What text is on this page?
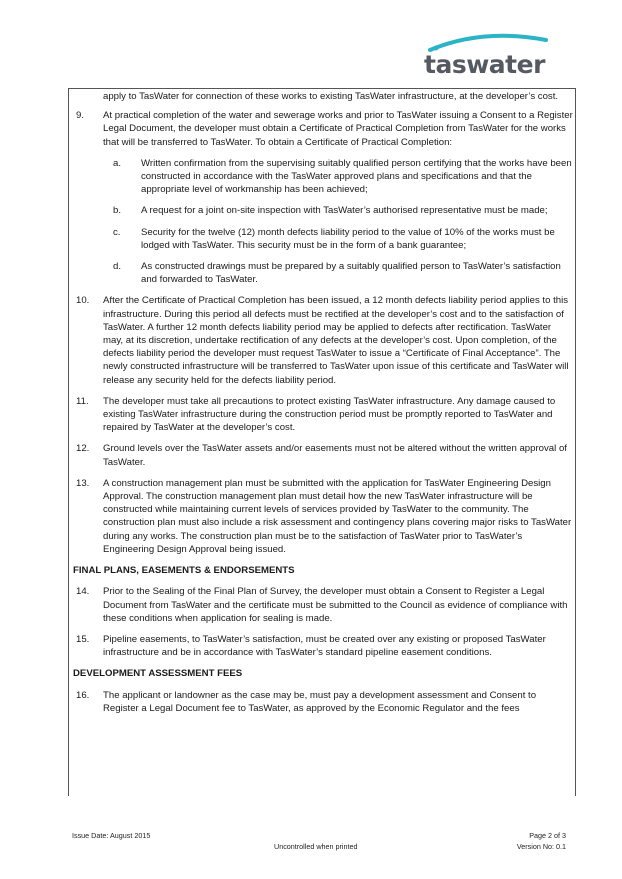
taswater

apply to TasWater for connection of these works to existing TasWater infrastructure, at the developer’s cost.

9. At practical completion of the water and sewerage works and prior to TasWater issuing a Consent to a Register Legal Document, the developer must obtain a Certificate of Practical Completion from TasWater for the works that will be transferred to TasWater. To obtain a Certificate of Practical Completion:

a. Written confirmation from the supervising suitably qualified person certifying that the works have been constructed in accordance with the TasWater approved plans and specifications and that the appropriate level of workmanship has been achieved;

b. A request for a joint on-site inspection with TasWater’s authorised representative must be made;

c. Security for the twelve (12) month defects liability period to the value of 10% of the works must be lodged with TasWater. This security must be in the form of a bank guarantee;

d. As constructed drawings must be prepared by a suitably qualified person to TasWater’s satisfaction and forwarded to TasWater.

10. After the Certificate of Practical Completion has been issued, a 12 month defects liability period applies to this infrastructure. During this period all defects must be rectified at the developer’s cost and to the satisfaction of TasWater. A further 12 month defects liability period may be applied to defects after rectification. TasWater may, at its discretion, undertake rectification of any defects at the developer’s cost. Upon completion, of the defects liability period the developer must request TasWater to issue a “Certificate of Final Acceptance”. The newly constructed infrastructure will be transferred to TasWater upon issue of this certificate and TasWater will release any security held for the defects liability period.

11. The developer must take all precautions to protect existing TasWater infrastructure. Any damage caused to existing TasWater infrastructure during the construction period must be promptly reported to TasWater and repaired by TasWater at the developer’s cost.

12. Ground levels over the TasWater assets and/or easements must not be altered without the written approval of TasWater.

13. A construction management plan must be submitted with the application for TasWater Engineering Design Approval. The construction management plan must detail how the new TasWater infrastructure will be constructed while maintaining current levels of services provided by TasWater to the community. The construction plan must also include a risk assessment and contingency plans covering major risks to TasWater during any works. The construction plan must be to the satisfaction of TasWater prior to TasWater’s Engineering Design Approval being issued.

FINAL PLANS, EASEMENTS & ENDORSEMENTS

14. Prior to the Sealing of the Final Plan of Survey, the developer must obtain a Consent to Register a Legal Document from TasWater and the certificate must be submitted to the Council as evidence of compliance with these conditions when application for sealing is made.

15. Pipeline easements, to TasWater’s satisfaction, must be created over any existing or proposed TasWater infrastructure and be in accordance with TasWater’s standard pipeline easement conditions.

DEVELOPMENT ASSESSMENT FEES

16. The applicant or landowner as the case may be, must pay a development assessment and Consent to Register a Legal Document fee to TasWater, as approved by the Economic Regulator and the fees

Issue Date: August 2015
Uncontrolled when printed
Page 2 of 3
Version No: 0.1
